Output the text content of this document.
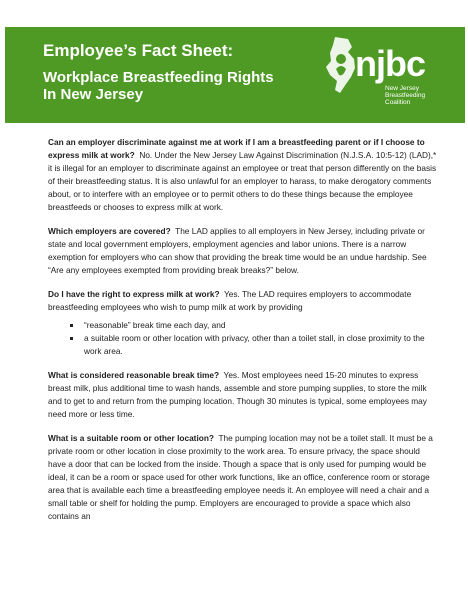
Employee’s Fact Sheet:
Workplace Breastfeeding Rights In New Jersey
njbc
New Jersey
Breastfeeding
Coalition

Can an employer discriminate against me at work if I am a breastfeeding parent or if I choose to express milk at work? No. Under the New Jersey Law Against Discrimination (N.J.S.A. 10:5-12) (LAD),* it is illegal for an employer to discriminate against an employee or treat that person differently on the basis of their breastfeeding status. It is also unlawful for an employer to harass, to make derogatory comments about, or to interfere with an employee or to permit others to do these things because the employee breastfeeds or chooses to express milk at work.

Which employers are covered? The LAD applies to all employers in New Jersey, including private or state and local government employers, employment agencies and labor unions. There is a narrow exemption for employers who can show that providing the break time would be an undue hardship. See “Are any employees exempted from providing break breaks?” below.

Do I have the right to express milk at work? Yes. The LAD requires employers to accommodate breastfeeding employees who wish to pump milk at work by providing

“reasonable” break time each day, and
a suitable room or other location with privacy, other than a toilet stall, in close proximity to the work area.

What is considered reasonable break time? Yes. Most employees need 15-20 minutes to express breast milk, plus additional time to wash hands, assemble and store pumping supplies, to store the milk and to get to and return from the pumping location. Though 30 minutes is typical, some employees may need more or less time.

What is a suitable room or other location? The pumping location may not be a toilet stall. It must be a private room or other location in close proximity to the work area. To ensure privacy, the space should have a door that can be locked from the inside. Though a space that is only used for pumping would be ideal, it can be a room or space used for other work functions, like an office, conference room or storage area that is available each time a breastfeeding employee needs it. An employee will need a chair and a small table or shelf for holding the pump. Employers are encouraged to provide a space which also contains an
